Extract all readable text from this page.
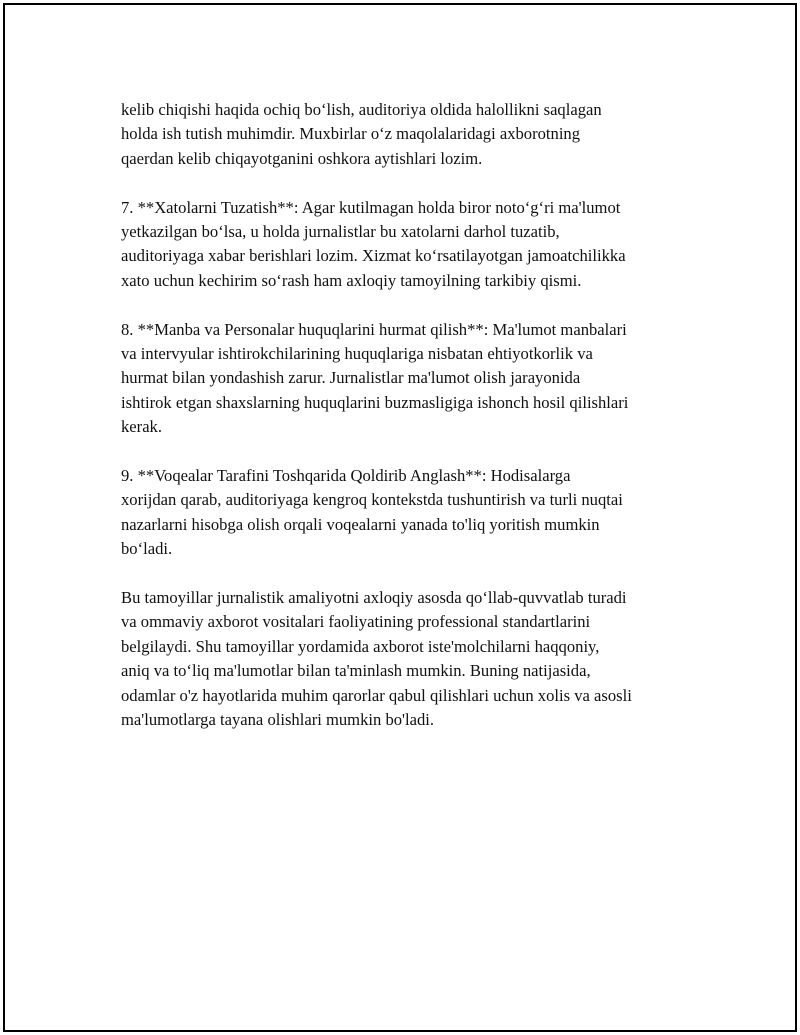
kelib chiqishi haqida ochiq bo‘lish, auditoriya oldida halollikni saqlagan
holda ish tutish muhimdir. Muxbirlar o‘z maqolalaridagi axborotning
qaerdan kelib chiqayotganini oshkora aytishlari lozim.

7. **Xatolarni Tuzatish**: Agar kutilmagan holda biror noto‘g‘ri ma'lumot
yetkazilgan bo‘lsa, u holda jurnalistlar bu xatolarni darhol tuzatib,
auditoriyaga xabar berishlari lozim. Xizmat ko‘rsatilayotgan jamoatchilikka
xato uchun kechirim so‘rash ham axloqiy tamoyilning tarkibiy qismi.

8. **Manba va Personalar huquqlarini hurmat qilish**: Ma'lumot manbalari
va intervyular ishtirokchilarining huquqlariga nisbatan ehtiyotkorlik va
hurmat bilan yondashish zarur. Jurnalistlar ma'lumot olish jarayonida
ishtirok etgan shaxslarning huquqlarini buzmasligiga ishonch hosil qilishlari
kerak.

9. **Voqealar Tarafini Toshqarida Qoldirib Anglash**: Hodisalarga
xorijdan qarab, auditoriyaga kengroq kontekstda tushuntirish va turli nuqtai
nazarlarni hisobga olish orqali voqealarni yanada to'liq yoritish mumkin
bo‘ladi.

Bu tamoyillar jurnalistik amaliyotni axloqiy asosda qo‘llab-quvvatlab turadi
va ommaviy axborot vositalari faoliyatining professional standartlarini
belgilaydi. Shu tamoyillar yordamida axborot iste'molchilarni haqqoniy,
aniq va to‘liq ma'lumotlar bilan ta'minlash mumkin. Buning natijasida,
odamlar o'z hayotlarida muhim qarorlar qabul qilishlari uchun xolis va asosli
ma'lumotlarga tayana olishlari mumkin bo'ladi.
